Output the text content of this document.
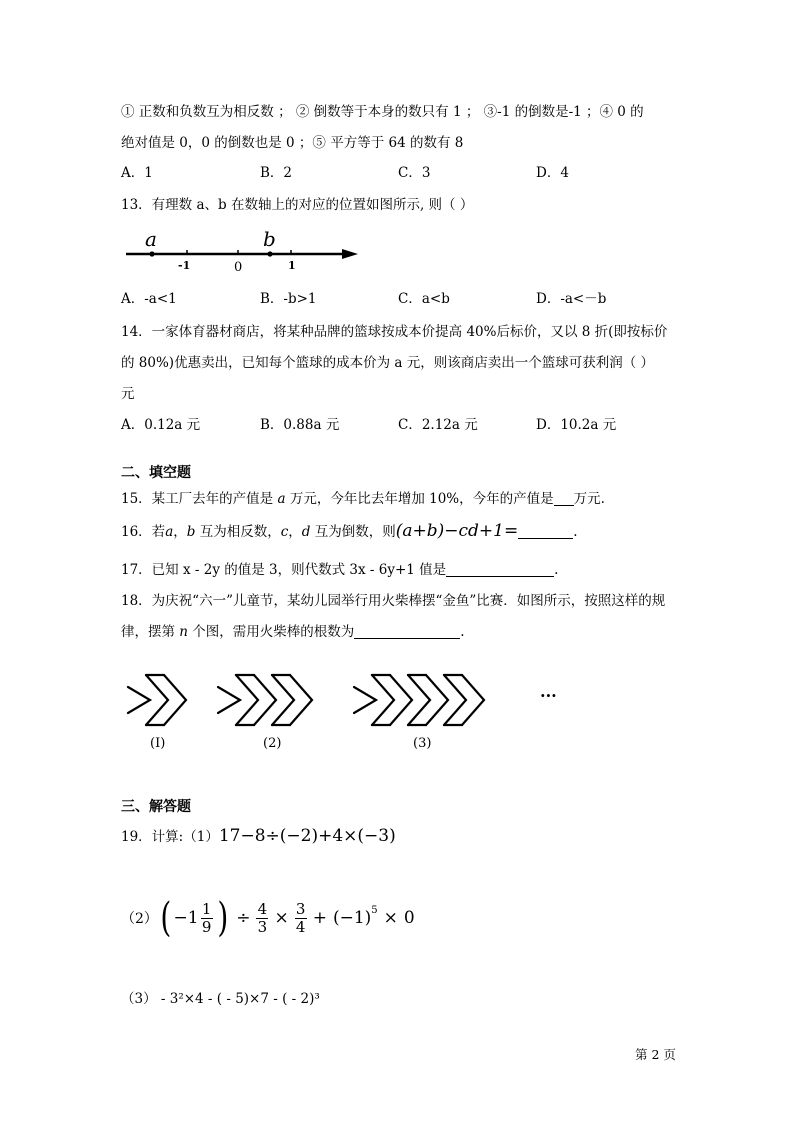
① 正数和负数互为相反数 ； ② 倒数等于本身的数只有 1 ； ③-1 的倒数是-1 ；④ 0 的
绝对值是 0，0 的倒数也是 0 ；⑤ 平方等于 64 的数有 8
A．1	B．2	C．3	D．4
13．有理数 a、b 在数轴上的对应的位置如图所示, 则（ ）
a	b
-1	0	1
A．-a<1	B．-b>1	C．a<b	D．-a<－b
14．一家体育器材商店，将某种品牌的篮球按成本价提高 40%后标价，又以 8 折(即按标价
的 80%)优惠卖出，已知每个篮球的成本价为 a 元，则该商店卖出一个篮球可获利润（ ）
元
A．0.12a 元	B．0.88a 元	C．2.12a 元	D．10.2a 元
二、填空题
15．某工厂去年的产值是 a 万元，今年比去年增加 10%，今年的产值是 万元.
16．若a，b 互为相反数，c，d 互为倒数，则(a+b)−cd+1=	.
17．已知 x - 2y 的值是 3，则代数式 3x - 6y+1 值是	.
18．为庆祝“六一”儿童节，某幼儿园举行用火柴棒摆“金鱼”比赛．如图所示，按照这样的规
律，摆第 n 个图，需用火柴棒的根数为	.
(I)	(2)	(3)
···
三、解答题
19．计算:（1）17−8÷(−2)+4×(−3)
（2） ( −1 1
9 ) ÷ 4
3 × 3
$4 + (-1)^5 \times 0$
（3） - 3²×4 - ( - 5)×7 - ( - 2)³
第 2 页
